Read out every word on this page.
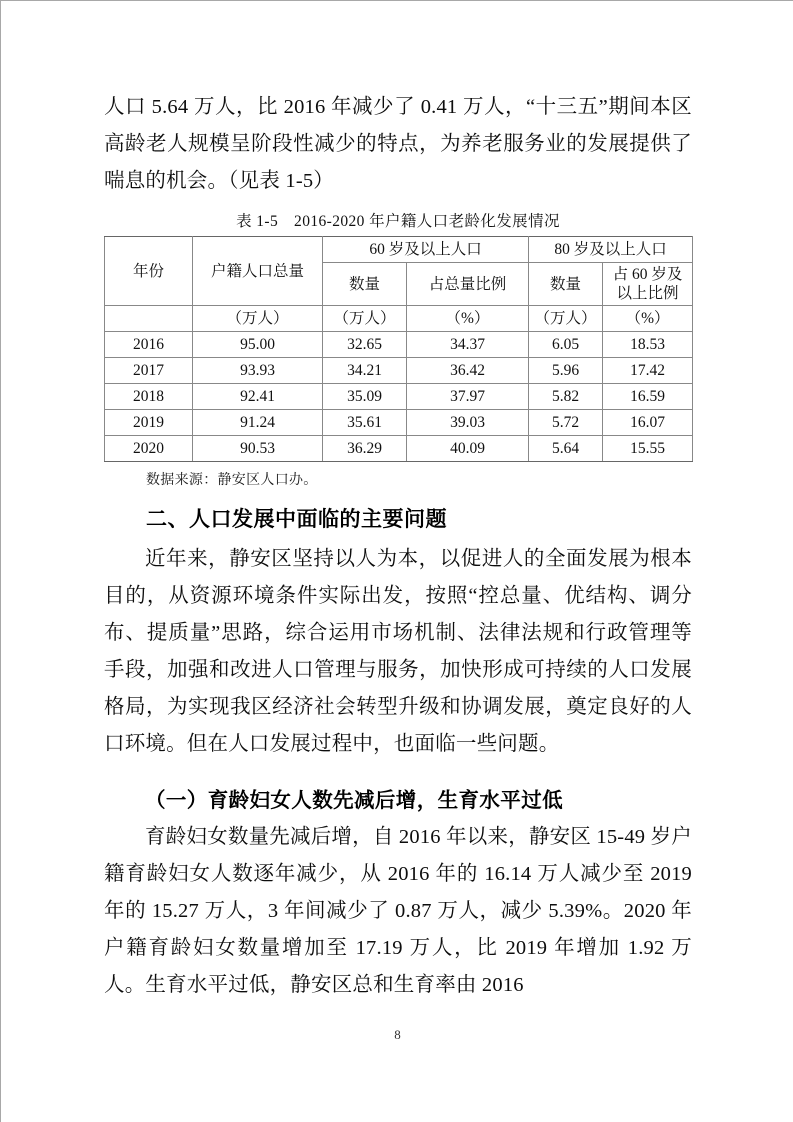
人口 5.64 万人，比 2016 年减少了 0.41 万人，“十三五”期间本区高龄老人规模呈阶段性减少的特点，为养老服务业的发展提供了喘息的机会。（见表 1-5）

表 1-5　2016-2020 年户籍人口老龄化发展情况
年份	户籍人口总量	60 岁及以上人口		80 岁及以上人口	
		数量	占总量比例	数量	占 60 岁及以上比例
	（万人）	（万人）	（%）	（万人）	（%）
2016	95.00	32.65	34.37	6.05	18.53
2017	93.93	34.21	36.42	5.96	17.42
2018	92.41	35.09	37.97	5.82	16.59
2019	91.24	35.61	39.03	5.72	16.07
2020	90.53	36.29	40.09	5.64	15.55
数据来源：静安区人口办。
二、人口发展中面临的主要问题

近年来，静安区坚持以人为本，以促进人的全面发展为根本目的，从资源环境条件实际出发，按照“控总量、优结构、调分布、提质量”思路，综合运用市场机制、法律法规和行政管理等手段，加强和改进人口管理与服务，加快形成可持续的人口发展格局，为实现我区经济社会转型升级和协调发展，奠定良好的人口环境。但在人口发展过程中，也面临一些问题。

（一）育龄妇女人数先减后增，生育水平过低

育龄妇女数量先减后增，自 2016 年以来，静安区 15-49 岁户籍育龄妇女人数逐年减少，从 2016 年的 16.14 万人减少至 2019 年的 15.27 万人，3 年间减少了 0.87 万人，减少 5.39%。2020 年户籍育龄妇女数量增加至 17.19 万人，比 2019 年增加 1.92 万人。生育水平过低，静安区总和生育率由 2016

8
